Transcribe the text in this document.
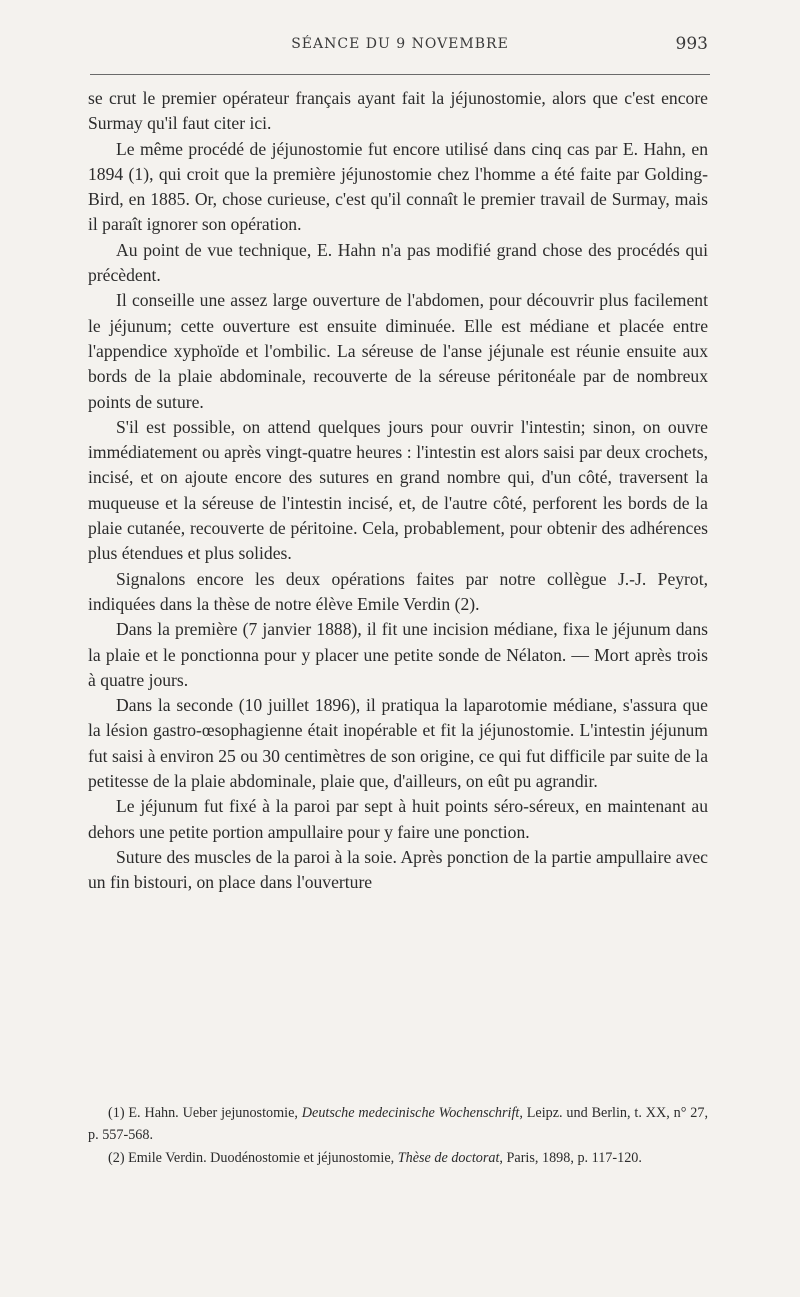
SÉANCE DU 9 NOVEMBRE	993

se crut le premier opérateur français ayant fait la jéjunostomie, alors que c'est encore Surmay qu'il faut citer ici.

Le même procédé de jéjunostomie fut encore utilisé dans cinq cas par E. Hahn, en 1894 (1), qui croit que la première jéjunostomie chez l'homme a été faite par Golding-Bird, en 1885. Or, chose curieuse, c'est qu'il connaît le premier travail de Surmay, mais il paraît ignorer son opération.

Au point de vue technique, E. Hahn n'a pas modifié grand chose des procédés qui précèdent.

Il conseille une assez large ouverture de l'abdomen, pour découvrir plus facilement le jéjunum; cette ouverture est ensuite diminuée. Elle est médiane et placée entre l'appendice xyphoïde et l'ombilic. La séreuse de l'anse jéjunale est réunie ensuite aux bords de la plaie abdominale, recouverte de la séreuse péritonéale par de nombreux points de suture.

S'il est possible, on attend quelques jours pour ouvrir l'intestin; sinon, on ouvre immédiatement ou après vingt-quatre heures : l'intestin est alors saisi par deux crochets, incisé, et on ajoute encore des sutures en grand nombre qui, d'un côté, traversent la muqueuse et la séreuse de l'intestin incisé, et, de l'autre côté, perforent les bords de la plaie cutanée, recouverte de péritoine. Cela, probablement, pour obtenir des adhérences plus étendues et plus solides.

Signalons encore les deux opérations faites par notre collègue J.-J. Peyrot, indiquées dans la thèse de notre élève Emile Verdin (2).

Dans la première (7 janvier 1888), il fit une incision médiane, fixa le jéjunum dans la plaie et le ponctionna pour y placer une petite sonde de Nélaton. — Mort après trois à quatre jours.

Dans la seconde (10 juillet 1896), il pratiqua la laparotomie médiane, s'assura que la lésion gastro-œsophagienne était inopérable et fit la jéjunostomie. L'intestin jéjunum fut saisi à environ 25 ou 30 centimètres de son origine, ce qui fut difficile par suite de la petitesse de la plaie abdominale, plaie que, d'ailleurs, on eût pu agrandir.

Le jéjunum fut fixé à la paroi par sept à huit points séro-séreux, en maintenant au dehors une petite portion ampullaire pour y faire une ponction.

Suture des muscles de la paroi à la soie. Après ponction de la partie ampullaire avec un fin bistouri, on place dans l'ouverture

(1) E. Hahn. Ueber jejunostomie, Deutsche medecinische Wochenschrift, Leipz. und Berlin, t. XX, n° 27, p. 557-568.

(2) Emile Verdin. Duodénostomie et jéjunostomie, Thèse de doctorat, Paris, 1898, p. 117-120.
